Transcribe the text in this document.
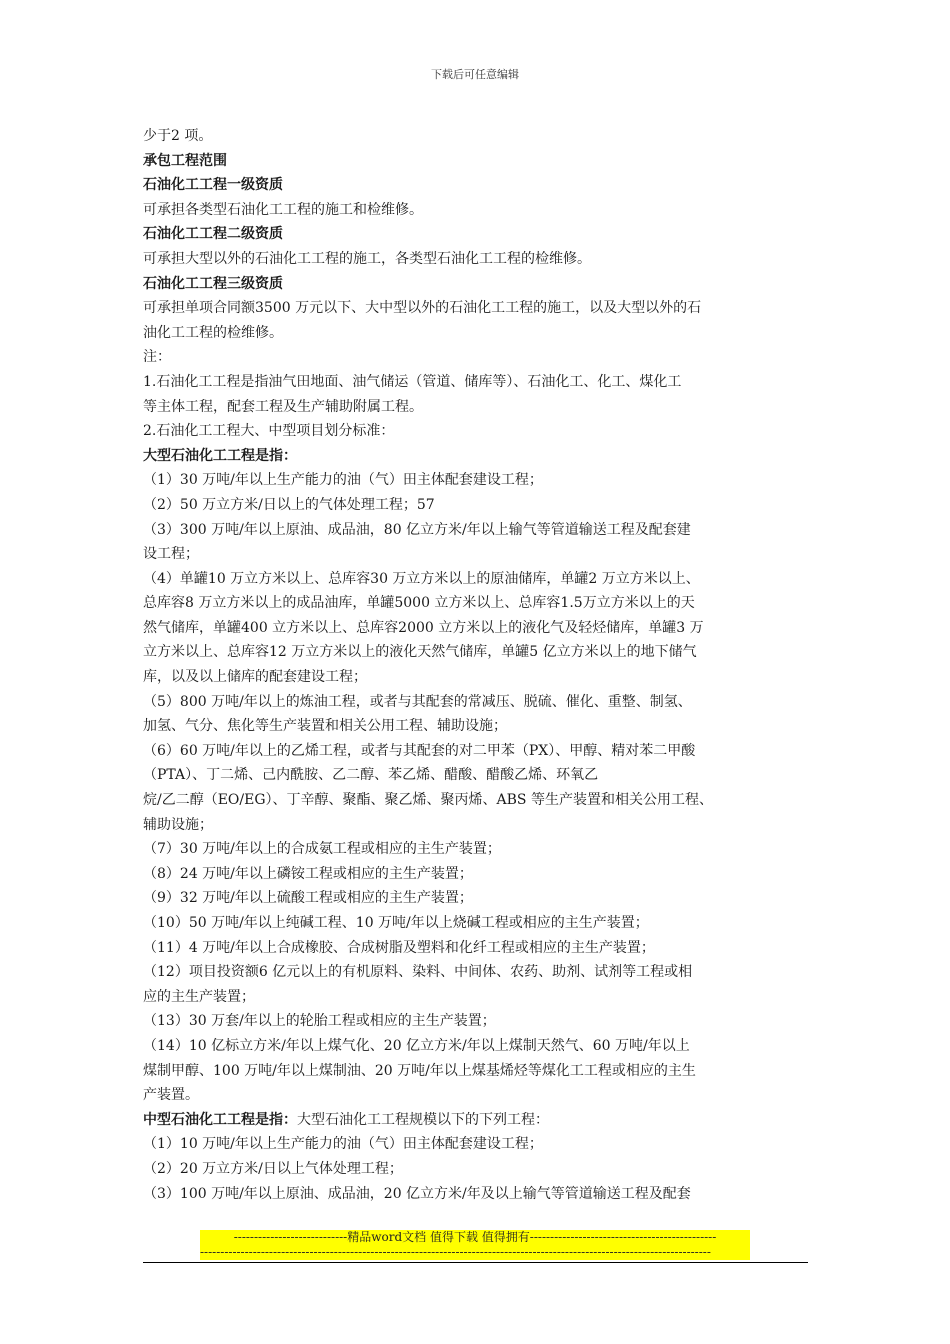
下载后可任意编辑
少于2 项。
承包工程范围
石油化工工程一级资质
可承担各类型石油化工工程的施工和检维修。
石油化工工程二级资质
可承担大型以外的石油化工工程的施工，各类型石油化工工程的检维修。
石油化工工程三级资质
可承担单项合同额3500 万元以下、大中型以外的石油化工工程的施工，以及大型以外的石
油化工工程的检维修。
注：
1.石油化工工程是指油气田地面、油气储运（管道、储库等）、石油化工、化工、煤化工
等主体工程，配套工程及生产辅助附属工程。
2.石油化工工程大、中型项目划分标准：
大型石油化工工程是指：
（1）30 万吨/年以上生产能力的油（气）田主体配套建设工程；
（2）50 万立方米/日以上的气体处理工程；57
（3）300 万吨/年以上原油、成品油，80 亿立方米/年以上输气等管道输送工程及配套建
设工程；
（4）单罐10 万立方米以上、总库容30 万立方米以上的原油储库，单罐2 万立方米以上、
总库容8 万立方米以上的成品油库，单罐5000 立方米以上、总库容1.5万立方米以上的天
然气储库，单罐400 立方米以上、总库容2000 立方米以上的液化气及轻烃储库，单罐3 万
立方米以上、总库容12 万立方米以上的液化天然气储库，单罐5 亿立方米以上的地下储气
库，以及以上储库的配套建设工程；
（5）800 万吨/年以上的炼油工程，或者与其配套的常减压、脱硫、催化、重整、制氢、
加氢、气分、焦化等生产装置和相关公用工程、辅助设施；
（6）60 万吨/年以上的乙烯工程，或者与其配套的对二甲苯（PX）、甲醇、精对苯二甲酸
（PTA）、丁二烯、己内酰胺、乙二醇、苯乙烯、醋酸、醋酸乙烯、环氧乙
烷/乙二醇（EO/EG）、丁辛醇、聚酯、聚乙烯、聚丙烯、ABS 等生产装置和相关公用工程、
辅助设施；
（7）30 万吨/年以上的合成氨工程或相应的主生产装置；
（8）24 万吨/年以上磷铵工程或相应的主生产装置；
（9）32 万吨/年以上硫酸工程或相应的主生产装置；
（10）50 万吨/年以上纯碱工程、10 万吨/年以上烧碱工程或相应的主生产装置；
（11）4 万吨/年以上合成橡胶、合成树脂及塑料和化纤工程或相应的主生产装置；
（12）项目投资额6 亿元以上的有机原料、染料、中间体、农药、助剂、试剂等工程或相
应的主生产装置；
（13）30 万套/年以上的轮胎工程或相应的主生产装置；
（14）10 亿标立方米/年以上煤气化、20 亿立方米/年以上煤制天然气、60 万吨/年以上
煤制甲醇、100 万吨/年以上煤制油、20 万吨/年以上煤基烯烃等煤化工工程或相应的主生
产装置。
中型石油化工工程是指：大型石油化工工程规模以下的下列工程：
（1）10 万吨/年以上生产能力的油（气）田主体配套建设工程；
（2）20 万立方米/日以上气体处理工程；
（3）100 万吨/年以上原油、成品油，20 亿立方米/年及以上输气等管道输送工程及配套
----------------------------精品word文档 值得下载 值得拥有----------------------------------------------
------------------------------------------------------------------------------------------------------------------------------
